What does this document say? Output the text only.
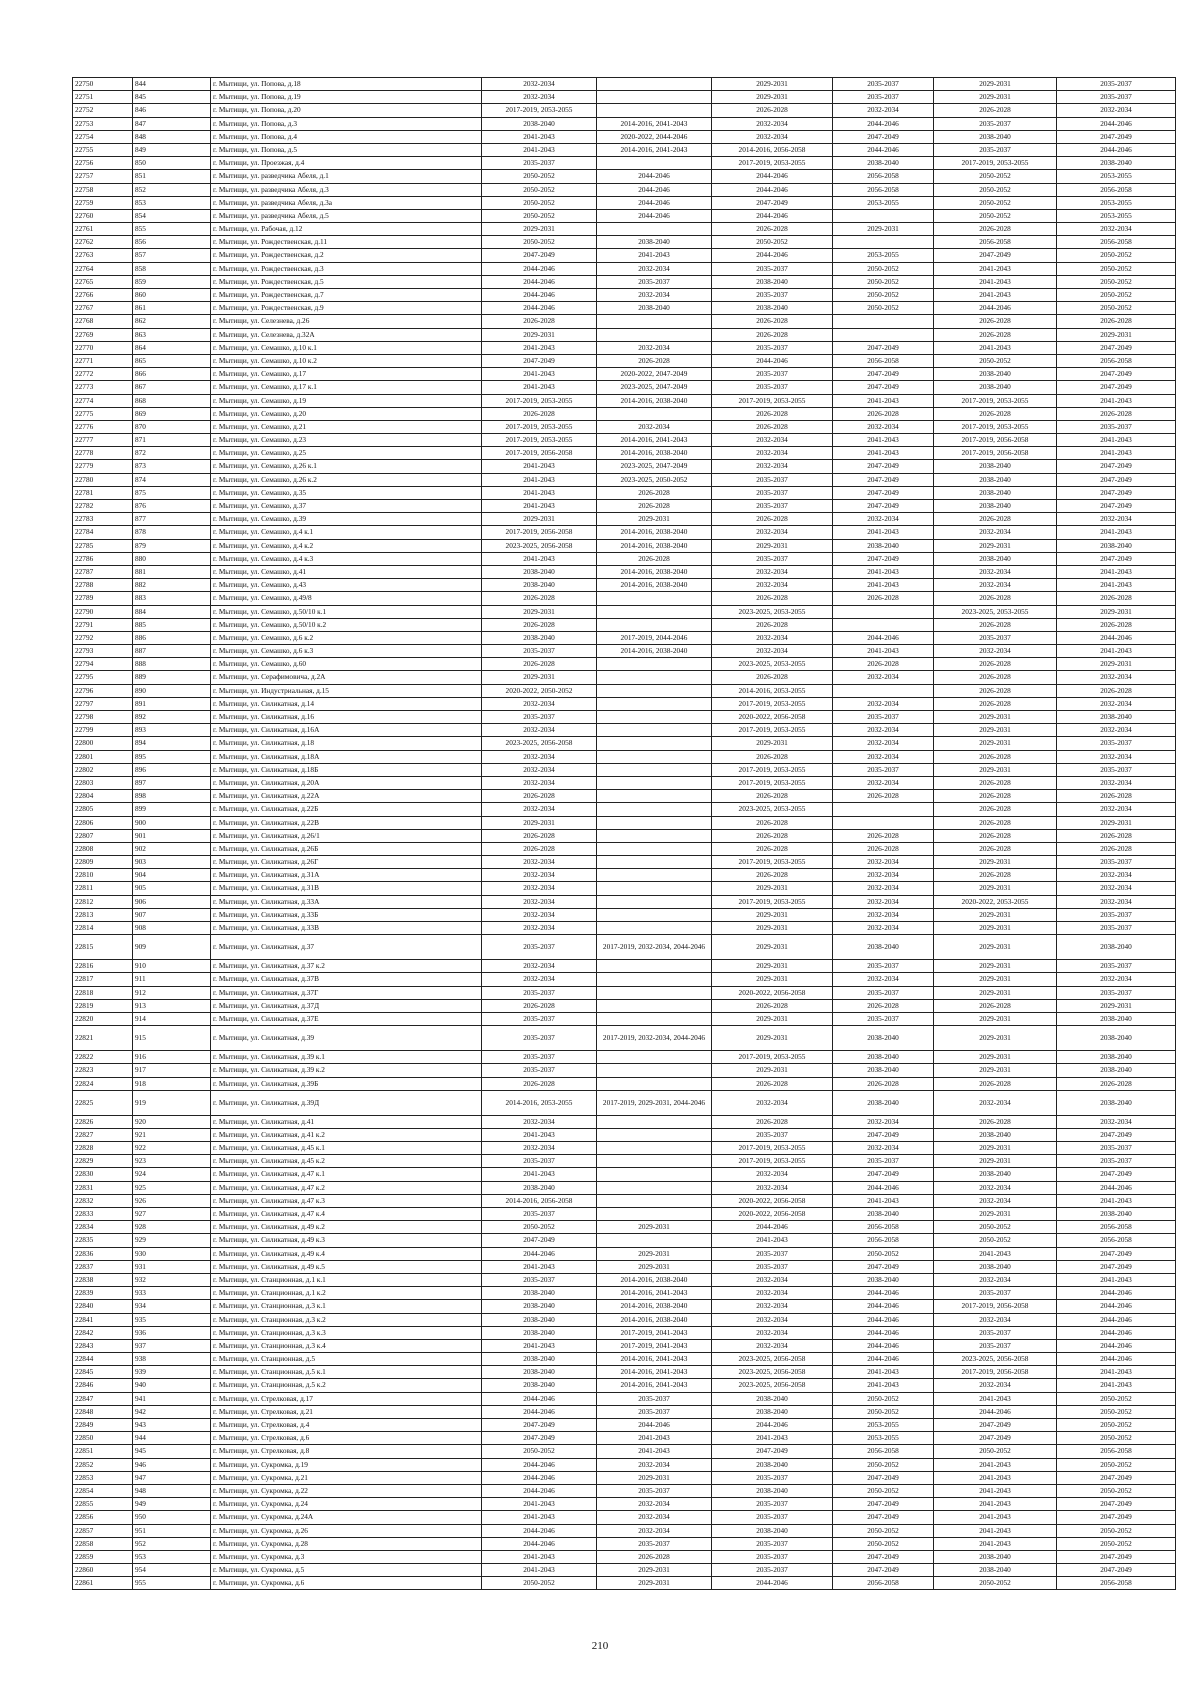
22750	844	г. Мытищи, ул. Попова, д.18	2032-2034		2029-2031	2035-2037	2029-2031	2035-2037
22751	845	г. Мытищи, ул. Попова, д.19	2032-2034		2029-2031	2035-2037	2029-2031	2035-2037
22752	846	г. Мытищи, ул. Попова, д.20	2017-2019, 2053-2055		2026-2028	2032-2034	2026-2028	2032-2034
22753	847	г. Мытищи, ул. Попова, д.3	2038-2040	2014-2016, 2041-2043	2032-2034	2044-2046	2035-2037	2044-2046
22754	848	г. Мытищи, ул. Попова, д.4	2041-2043	2020-2022, 2044-2046	2032-2034	2047-2049	2038-2040	2047-2049
22755	849	г. Мытищи, ул. Попова, д.5	2041-2043	2014-2016, 2041-2043	2014-2016, 2056-2058	2044-2046	2035-2037	2044-2046
22756	850	г. Мытищи, ул. Проезжая, д.4	2035-2037		2017-2019, 2053-2055	2038-2040	2017-2019, 2053-2055	2038-2040
22757	851	г. Мытищи, ул. разведчика Абеля, д.1	2050-2052	2044-2046	2044-2046	2056-2058	2050-2052	2053-2055
22758	852	г. Мытищи, ул. разведчика Абеля, д.3	2050-2052	2044-2046	2044-2046	2056-2058	2050-2052	2056-2058
22759	853	г. Мытищи, ул. разведчика Абеля, д.3а	2050-2052	2044-2046	2047-2049	2053-2055	2050-2052	2053-2055
22760	854	г. Мытищи, ул. разведчика Абеля, д.5	2050-2052	2044-2046	2044-2046		2050-2052	2053-2055
22761	855	г. Мытищи, ул. Рабочая, д.12	2029-2031		2026-2028	2029-2031	2026-2028	2032-2034
22762	856	г. Мытищи, ул. Рождественская, д.11	2050-2052	2038-2040	2050-2052		2056-2058	2056-2058
22763	857	г. Мытищи, ул. Рождественская, д.2	2047-2049	2041-2043	2044-2046	2053-2055	2047-2049	2050-2052
22764	858	г. Мытищи, ул. Рождественская, д.3	2044-2046	2032-2034	2035-2037	2050-2052	2041-2043	2050-2052
22765	859	г. Мытищи, ул. Рождественская, д.5	2044-2046	2035-2037	2038-2040	2050-2052	2041-2043	2050-2052
22766	860	г. Мытищи, ул. Рождественская, д.7	2044-2046	2032-2034	2035-2037	2050-2052	2041-2043	2050-2052
22767	861	г. Мытищи, ул. Рождественская, д.9	2044-2046	2038-2040	2038-2040	2050-2052	2044-2046	2050-2052
22768	862	г. Мытищи, ул. Селезнева, д.26	2026-2028		2026-2028		2026-2028	2026-2028
22769	863	г. Мытищи, ул. Селезнева, д.32А	2029-2031		2026-2028		2026-2028	2029-2031
22770	864	г. Мытищи, ул. Семашко, д.10 к.1	2041-2043	2032-2034	2035-2037	2047-2049	2041-2043	2047-2049
22771	865	г. Мытищи, ул. Семашко, д.10 к.2	2047-2049	2026-2028	2044-2046	2056-2058	2050-2052	2056-2058
22772	866	г. Мытищи, ул. Семашко, д.17	2041-2043	2020-2022, 2047-2049	2035-2037	2047-2049	2038-2040	2047-2049
22773	867	г. Мытищи, ул. Семашко, д.17 к.1	2041-2043	2023-2025, 2047-2049	2035-2037	2047-2049	2038-2040	2047-2049
22774	868	г. Мытищи, ул. Семашко, д.19	2017-2019, 2053-2055	2014-2016, 2038-2040	2017-2019, 2053-2055	2041-2043	2017-2019, 2053-2055	2041-2043
22775	869	г. Мытищи, ул. Семашко, д.20	2026-2028		2026-2028	2026-2028	2026-2028	2026-2028
22776	870	г. Мытищи, ул. Семашко, д.21	2017-2019, 2053-2055	2032-2034	2026-2028	2032-2034	2017-2019, 2053-2055	2035-2037
22777	871	г. Мытищи, ул. Семашко, д.23	2017-2019, 2053-2055	2014-2016, 2041-2043	2032-2034	2041-2043	2017-2019, 2056-2058	2041-2043
22778	872	г. Мытищи, ул. Семашко, д.25	2017-2019, 2056-2058	2014-2016, 2038-2040	2032-2034	2041-2043	2017-2019, 2056-2058	2041-2043
22779	873	г. Мытищи, ул. Семашко, д.26 к.1	2041-2043	2023-2025, 2047-2049	2032-2034	2047-2049	2038-2040	2047-2049
22780	874	г. Мытищи, ул. Семашко, д.26 к.2	2041-2043	2023-2025, 2050-2052	2035-2037	2047-2049	2038-2040	2047-2049
22781	875	г. Мытищи, ул. Семашко, д.35	2041-2043	2026-2028	2035-2037	2047-2049	2038-2040	2047-2049
22782	876	г. Мытищи, ул. Семашко, д.37	2041-2043	2026-2028	2035-2037	2047-2049	2038-2040	2047-2049
22783	877	г. Мытищи, ул. Семашко, д.39	2029-2031	2029-2031	2026-2028	2032-2034	2026-2028	2032-2034
22784	878	г. Мытищи, ул. Семашко, д.4 к.1	2017-2019, 2056-2058	2014-2016, 2038-2040	2032-2034	2041-2043	2032-2034	2041-2043
22785	879	г. Мытищи, ул. Семашко, д.4 к.2	2023-2025, 2056-2058	2014-2016, 2038-2040	2029-2031	2038-2040	2029-2031	2038-2040
22786	880	г. Мытищи, ул. Семашко, д.4 к.3	2041-2043	2026-2028	2035-2037	2047-2049	2038-2040	2047-2049
22787	881	г. Мытищи, ул. Семашко, д.41	2038-2040	2014-2016, 2038-2040	2032-2034	2041-2043	2032-2034	2041-2043
22788	882	г. Мытищи, ул. Семашко, д.43	2038-2040	2014-2016, 2038-2040	2032-2034	2041-2043	2032-2034	2041-2043
22789	883	г. Мытищи, ул. Семашко, д.49/8	2026-2028		2026-2028	2026-2028	2026-2028	2026-2028
22790	884	г. Мытищи, ул. Семашко, д.50/10 к.1	2029-2031		2023-2025, 2053-2055		2023-2025, 2053-2055	2029-2031
22791	885	г. Мытищи, ул. Семашко, д.50/10 к.2	2026-2028		2026-2028		2026-2028	2026-2028
22792	886	г. Мытищи, ул. Семашко, д.6 к.2	2038-2040	2017-2019, 2044-2046	2032-2034	2044-2046	2035-2037	2044-2046
22793	887	г. Мытищи, ул. Семашко, д.6 к.3	2035-2037	2014-2016, 2038-2040	2032-2034	2041-2043	2032-2034	2041-2043
22794	888	г. Мытищи, ул. Семашко, д.60	2026-2028		2023-2025, 2053-2055	2026-2028	2026-2028	2029-2031
22795	889	г. Мытищи, ул. Серафимовича, д.2А	2029-2031		2026-2028	2032-2034	2026-2028	2032-2034
22796	890	г. Мытищи, ул. Индустриальная, д.15	2020-2022, 2050-2052		2014-2016, 2053-2055		2026-2028	2026-2028
22797	891	г. Мытищи, ул. Силикатная, д.14	2032-2034		2017-2019, 2053-2055	2032-2034	2026-2028	2032-2034
22798	892	г. Мытищи, ул. Силикатная, д.16	2035-2037		2020-2022, 2056-2058	2035-2037	2029-2031	2038-2040
22799	893	г. Мытищи, ул. Силикатная, д.16А	2032-2034		2017-2019, 2053-2055	2032-2034	2029-2031	2032-2034
22800	894	г. Мытищи, ул. Силикатная, д.18	2023-2025, 2056-2058		2029-2031	2032-2034	2029-2031	2035-2037
22801	895	г. Мытищи, ул. Силикатная, д.18А	2032-2034		2026-2028	2032-2034	2026-2028	2032-2034
22802	896	г. Мытищи, ул. Силикатная, д.18Б	2032-2034		2017-2019, 2053-2055	2035-2037	2029-2031	2035-2037
22803	897	г. Мытищи, ул. Силикатная, д.20А	2032-2034		2017-2019, 2053-2055	2032-2034	2026-2028	2032-2034
22804	898	г. Мытищи, ул. Силикатная, д.22А	2026-2028		2026-2028	2026-2028	2026-2028	2026-2028
22805	899	г. Мытищи, ул. Силикатная, д.22Б	2032-2034		2023-2025, 2053-2055		2026-2028	2032-2034
22806	900	г. Мытищи, ул. Силикатная, д.22В	2029-2031		2026-2028		2026-2028	2029-2031
22807	901	г. Мытищи, ул. Силикатная, д.26/1	2026-2028		2026-2028	2026-2028	2026-2028	2026-2028
22808	902	г. Мытищи, ул. Силикатная, д.26Б	2026-2028		2026-2028	2026-2028	2026-2028	2026-2028
22809	903	г. Мытищи, ул. Силикатная, д.26Г	2032-2034		2017-2019, 2053-2055	2032-2034	2029-2031	2035-2037
22810	904	г. Мытищи, ул. Силикатная, д.31А	2032-2034		2026-2028	2032-2034	2026-2028	2032-2034
22811	905	г. Мытищи, ул. Силикатная, д.31В	2032-2034		2029-2031	2032-2034	2029-2031	2032-2034
22812	906	г. Мытищи, ул. Силикатная, д.33А	2032-2034		2017-2019, 2053-2055	2032-2034	2020-2022, 2053-2055	2032-2034
22813	907	г. Мытищи, ул. Силикатная, д.33Б	2032-2034		2029-2031	2032-2034	2029-2031	2035-2037
22814	908	г. Мытищи, ул. Силикатная, д.33В	2032-2034		2029-2031	2032-2034	2029-2031	2035-2037
22815	909	г. Мытищи, ул. Силикатная, д.37	2035-2037	2017-2019, 2032-2034, 2044-2046	2029-2031	2038-2040	2029-2031	2038-2040
22816	910	г. Мытищи, ул. Силикатная, д.37 к.2	2032-2034		2029-2031	2035-2037	2029-2031	2035-2037
22817	911	г. Мытищи, ул. Силикатная, д.37В	2032-2034		2029-2031	2032-2034	2029-2031	2032-2034
22818	912	г. Мытищи, ул. Силикатная, д.37Г	2035-2037		2020-2022, 2056-2058	2035-2037	2029-2031	2035-2037
22819	913	г. Мытищи, ул. Силикатная, д.37Д	2026-2028		2026-2028	2026-2028	2026-2028	2029-2031
22820	914	г. Мытищи, ул. Силикатная, д.37Е	2035-2037		2029-2031	2035-2037	2029-2031	2038-2040
22821	915	г. Мытищи, ул. Силикатная, д.39	2035-2037	2017-2019, 2032-2034, 2044-2046	2029-2031	2038-2040	2029-2031	2038-2040
22822	916	г. Мытищи, ул. Силикатная, д.39 к.1	2035-2037		2017-2019, 2053-2055	2038-2040	2029-2031	2038-2040
22823	917	г. Мытищи, ул. Силикатная, д.39 к.2	2035-2037		2029-2031	2038-2040	2029-2031	2038-2040
22824	918	г. Мытищи, ул. Силикатная, д.39Б	2026-2028		2026-2028	2026-2028	2026-2028	2026-2028
22825	919	г. Мытищи, ул. Силикатная, д.39Д	2014-2016, 2053-2055	2017-2019, 2029-2031, 2044-2046	2032-2034	2038-2040	2032-2034	2038-2040
22826	920	г. Мытищи, ул. Силикатная, д.41	2032-2034		2026-2028	2032-2034	2026-2028	2032-2034
22827	921	г. Мытищи, ул. Силикатная, д.41 к.2	2041-2043		2035-2037	2047-2049	2038-2040	2047-2049
22828	922	г. Мытищи, ул. Силикатная, д.45 к.1	2032-2034		2017-2019, 2053-2055	2032-2034	2029-2031	2035-2037
22829	923	г. Мытищи, ул. Силикатная, д.45 к.2	2035-2037		2017-2019, 2053-2055	2035-2037	2029-2031	2035-2037
22830	924	г. Мытищи, ул. Силикатная, д.47 к.1	2041-2043		2032-2034	2047-2049	2038-2040	2047-2049
22831	925	г. Мытищи, ул. Силикатная, д.47 к.2	2038-2040		2032-2034	2044-2046	2032-2034	2044-2046
22832	926	г. Мытищи, ул. Силикатная, д.47 к.3	2014-2016, 2056-2058		2020-2022, 2056-2058	2041-2043	2032-2034	2041-2043
22833	927	г. Мытищи, ул. Силикатная, д.47 к.4	2035-2037		2020-2022, 2056-2058	2038-2040	2029-2031	2038-2040
22834	928	г. Мытищи, ул. Силикатная, д.49 к.2	2050-2052	2029-2031	2044-2046	2056-2058	2050-2052	2056-2058
22835	929	г. Мытищи, ул. Силикатная, д.49 к.3	2047-2049		2041-2043	2056-2058	2050-2052	2056-2058
22836	930	г. Мытищи, ул. Силикатная, д.49 к.4	2044-2046	2029-2031	2035-2037	2050-2052	2041-2043	2047-2049
22837	931	г. Мытищи, ул. Силикатная, д.49 к.5	2041-2043	2029-2031	2035-2037	2047-2049	2038-2040	2047-2049
22838	932	г. Мытищи, ул. Станционная, д.1 к.1	2035-2037	2014-2016, 2038-2040	2032-2034	2038-2040	2032-2034	2041-2043
22839	933	г. Мытищи, ул. Станционная, д.1 к.2	2038-2040	2014-2016, 2041-2043	2032-2034	2044-2046	2035-2037	2044-2046
22840	934	г. Мытищи, ул. Станционная, д.3 к.1	2038-2040	2014-2016, 2038-2040	2032-2034	2044-2046	2017-2019, 2056-2058	2044-2046
22841	935	г. Мытищи, ул. Станционная, д.3 к.2	2038-2040	2014-2016, 2038-2040	2032-2034	2044-2046	2032-2034	2044-2046
22842	936	г. Мытищи, ул. Станционная, д.3 к.3	2038-2040	2017-2019, 2041-2043	2032-2034	2044-2046	2035-2037	2044-2046
22843	937	г. Мытищи, ул. Станционная, д.3 к.4	2041-2043	2017-2019, 2041-2043	2032-2034	2044-2046	2035-2037	2044-2046
22844	938	г. Мытищи, ул. Станционная, д.5	2038-2040	2014-2016, 2041-2043	2023-2025, 2056-2058	2044-2046	2023-2025, 2056-2058	2044-2046
22845	939	г. Мытищи, ул. Станционная, д.5 к.1	2038-2040	2014-2016, 2041-2043	2023-2025, 2056-2058	2041-2043	2017-2019, 2056-2058	2041-2043
22846	940	г. Мытищи, ул. Станционная, д.5 к.2	2038-2040	2014-2016, 2041-2043	2023-2025, 2056-2058	2041-2043	2032-2034	2041-2043
22847	941	г. Мытищи, ул. Стрелковая, д.17	2044-2046	2035-2037	2038-2040	2050-2052	2041-2043	2050-2052
22848	942	г. Мытищи, ул. Стрелковая, д.21	2044-2046	2035-2037	2038-2040	2050-2052	2044-2046	2050-2052
22849	943	г. Мытищи, ул. Стрелковая, д.4	2047-2049	2044-2046	2044-2046	2053-2055	2047-2049	2050-2052
22850	944	г. Мытищи, ул. Стрелковая, д.6	2047-2049	2041-2043	2041-2043	2053-2055	2047-2049	2050-2052
22851	945	г. Мытищи, ул. Стрелковая, д.8	2050-2052	2041-2043	2047-2049	2056-2058	2050-2052	2056-2058
22852	946	г. Мытищи, ул. Сукромка, д.19	2044-2046	2032-2034	2038-2040	2050-2052	2041-2043	2050-2052
22853	947	г. Мытищи, ул. Сукромка, д.21	2044-2046	2029-2031	2035-2037	2047-2049	2041-2043	2047-2049
22854	948	г. Мытищи, ул. Сукромка, д.22	2044-2046	2035-2037	2038-2040	2050-2052	2041-2043	2050-2052
22855	949	г. Мытищи, ул. Сукромка, д.24	2041-2043	2032-2034	2035-2037	2047-2049	2041-2043	2047-2049
22856	950	г. Мытищи, ул. Сукромка, д.24А	2041-2043	2032-2034	2035-2037	2047-2049	2041-2043	2047-2049
22857	951	г. Мытищи, ул. Сукромка, д.26	2044-2046	2032-2034	2038-2040	2050-2052	2041-2043	2050-2052
22858	952	г. Мытищи, ул. Сукромка, д.28	2044-2046	2035-2037	2035-2037	2050-2052	2041-2043	2050-2052
22859	953	г. Мытищи, ул. Сукромка, д.3	2041-2043	2026-2028	2035-2037	2047-2049	2038-2040	2047-2049
22860	954	г. Мытищи, ул. Сукромка, д.5	2041-2043	2029-2031	2035-2037	2047-2049	2038-2040	2047-2049
22861	955	г. Мытищи, ул. Сукромка, д.6	2050-2052	2029-2031	2044-2046	2056-2058	2050-2052	2056-2058
210
